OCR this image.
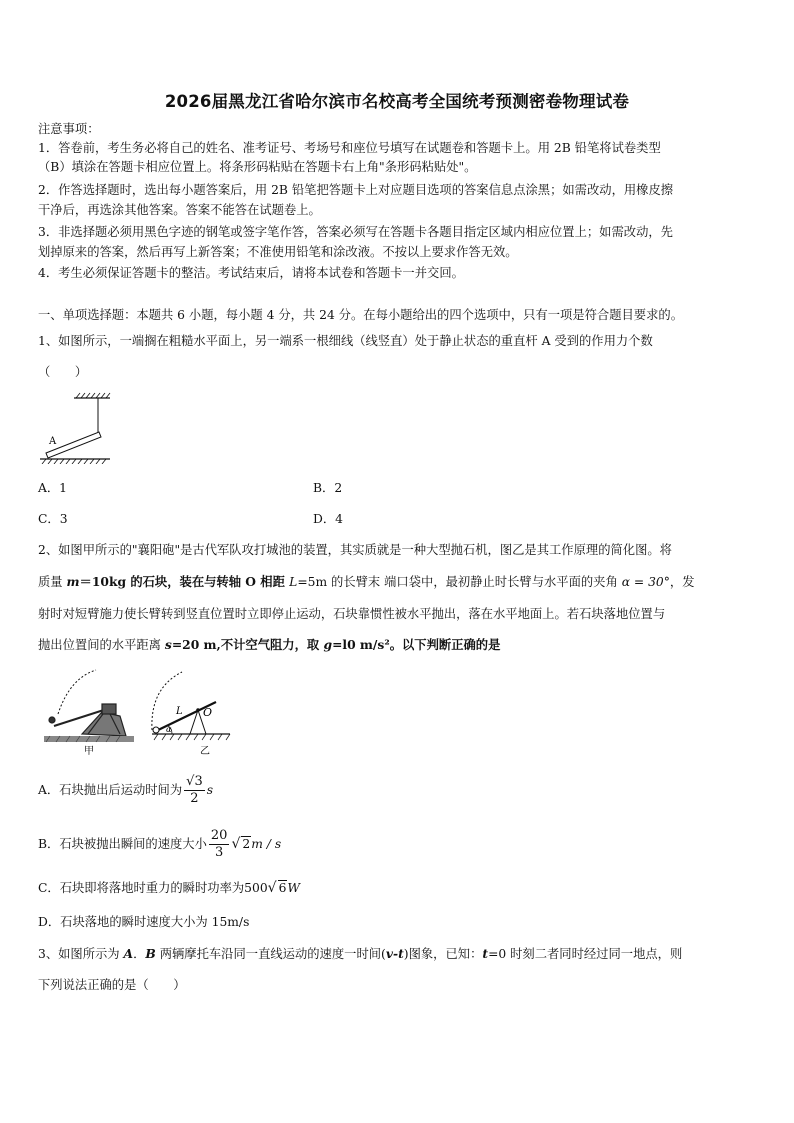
2026届黑龙江省哈尔滨市名校高考全国统考预测密卷物理试卷
注意事项：
1．答卷前，考生务必将自己的姓名、准考证号、考场号和座位号填写在试题卷和答题卡上。用 2B 铅笔将试卷类型
（B）填涂在答题卡相应位置上。将条形码粘贴在答题卡右上角"条形码粘贴处"。
2．作答选择题时，选出每小题答案后，用 2B 铅笔把答题卡上对应题目选项的答案信息点涂黑；如需改动，用橡皮擦
干净后，再选涂其他答案。答案不能答在试题卷上。
3．非选择题必须用黑色字迹的钢笔或签字笔作答，答案必须写在答题卡各题目指定区域内相应位置上；如需改动，先
划掉原来的答案，然后再写上新答案；不准使用铅笔和涂改液。不按以上要求作答无效。
4．考生必须保证答题卡的整洁。考试结束后，请将本试卷和答题卡一并交回。
一、单项选择题：本题共 6 小题，每小题 4 分，共 24 分。在每小题给出的四个选项中，只有一项是符合题目要求的。
1、如图所示，一端搁在粗糙水平面上，另一端系一根细线（线竖直）处于静止状态的重直杆 A 受到的作用力个数
（　　）
A
A．1	B．2
C．3	D．4
2、如图甲所示的"襄阳砲"是古代军队攻打城池的装置，其实质就是一种大型抛石机，图乙是其工作原理的简化图。将
质量 m＝10kg 的石块，装在与转轴 O 相距 L=5m 的长臂末 端口袋中，最初静止时长臂与水平面的夹角 α = 30°，发
射时对短臂施力使长臂转到竖直位置时立即停止运动，石块靠惯性被水平抛出，落在水平地面上。若石块落地位置与
抛出位置间的水平距离 s=20 m,不计空气阻力，取 g=l0 m/s²。以下判断正确的是
甲
L O
α
乙
A．石块抛出后运动时间为 $\frac{√3}{2}$ s
B．石块被抛出瞬间的速度大小 $\frac{20}{3}$ √ 2m / s
C．石块即将落地时重力的瞬时功率为500√ 6W
D．石块落地的瞬时速度大小为 15m/s
3、如图所示为 A．B 两辆摩托车沿同一直线运动的速度一时间(v-t)图象，已知：t=0 时刻二者同时经过同一地点，则
下列说法正确的是（　　）
